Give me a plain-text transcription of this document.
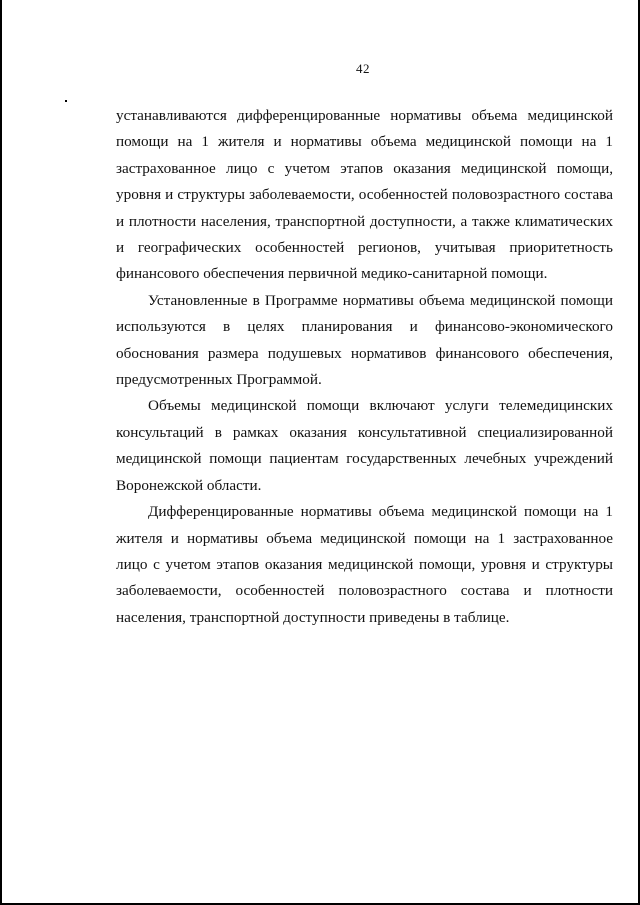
42

устанавливаются дифференцированные нормативы объема медицинской помощи на 1 жителя и нормативы объема медицинской помощи на 1 застрахованное лицо с учетом этапов оказания медицинской помощи, уровня и структуры заболеваемости, особенностей половозрастного состава и плотности населения, транспортной доступности, а также климатических и географических особенностей регионов, учитывая приоритетность финансового обеспечения первичной медико-санитарной помощи.

Установленные в Программе нормативы объема медицинской помощи используются в целях планирования и финансово-экономического обоснования размера подушевых нормативов финансового обеспечения, предусмотренных Программой.

Объемы медицинской помощи включают услуги телемедицинских консультаций в рамках оказания консультативной специализированной медицинской помощи пациентам государственных лечебных учреждений Воронежской области.

Дифференцированные нормативы объема медицинской помощи на 1 жителя и нормативы объема медицинской помощи на 1 застрахованное лицо с учетом этапов оказания медицинской помощи, уровня и структуры заболеваемости, особенностей половозрастного состава и плотности населения, транспортной доступности приведены в таблице.
